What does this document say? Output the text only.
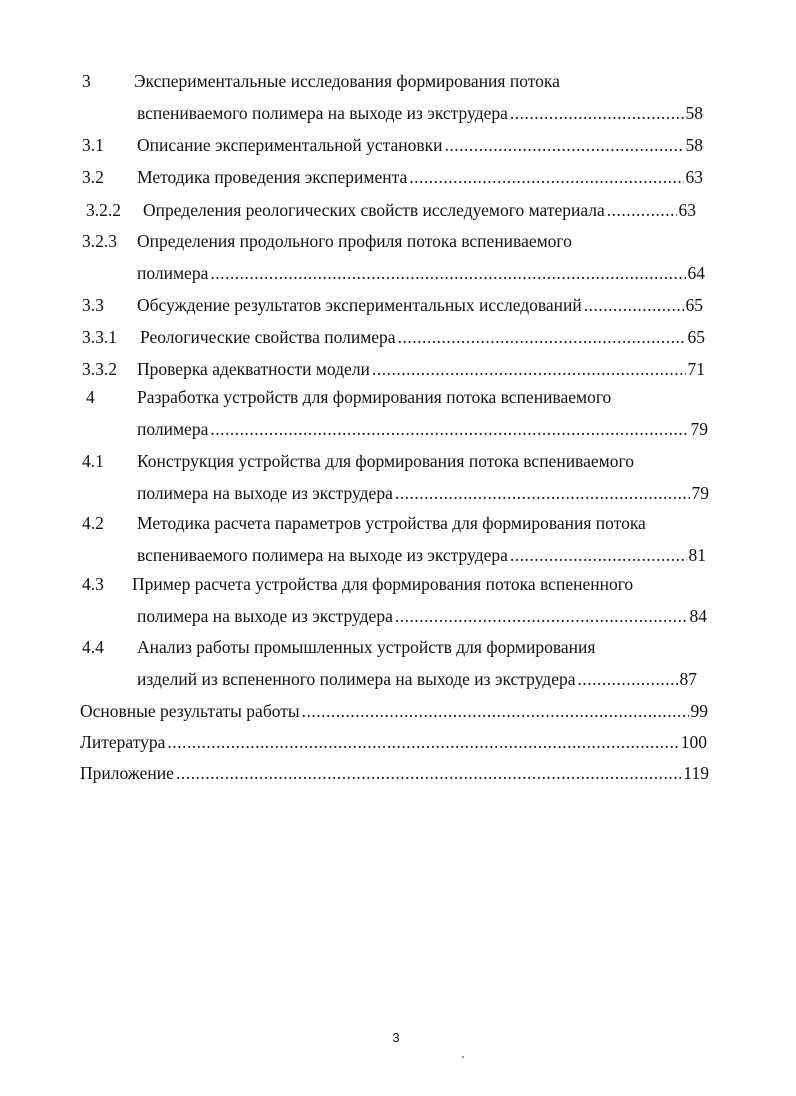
3 Экспериментальные исследования формирования потока
вспениваемого полимера на выходе из экструдера .....	58
3.1 Описание экспериментальной установки .....	58
3.2 Методика проведения эксперимента .....	63
3.2.2 Определения реологических свойств исследуемого материала .....	63
3.2.3 Определения продольного профиля потока вспениваемого
полимера .....	64
3.3 Обсуждение результатов экспериментальных исследований .....	65
3.3.1 Реологические свойства полимера .....	65
3.3.2 Проверка адекватности модели .....	71
4 Разработка устройств для формирования потока вспениваемого
полимера .....	79
4.1 Конструкция устройства для формирования потока вспениваемого
полимера на выходе из экструдера .....	79
4.2 Методика расчета параметров устройства для формирования потока
вспениваемого полимера на выходе из экструдера .....	81
4.3 Пример расчета устройства для формирования потока вспененного
полимера на выходе из экструдера .....	84
4.4 Анализ работы промышленных устройств для формирования
изделий из вспененного полимера на выходе из экструдера .....	87
Основные результаты работы .....	99
Литература .....	100
Приложение .....	119
3
